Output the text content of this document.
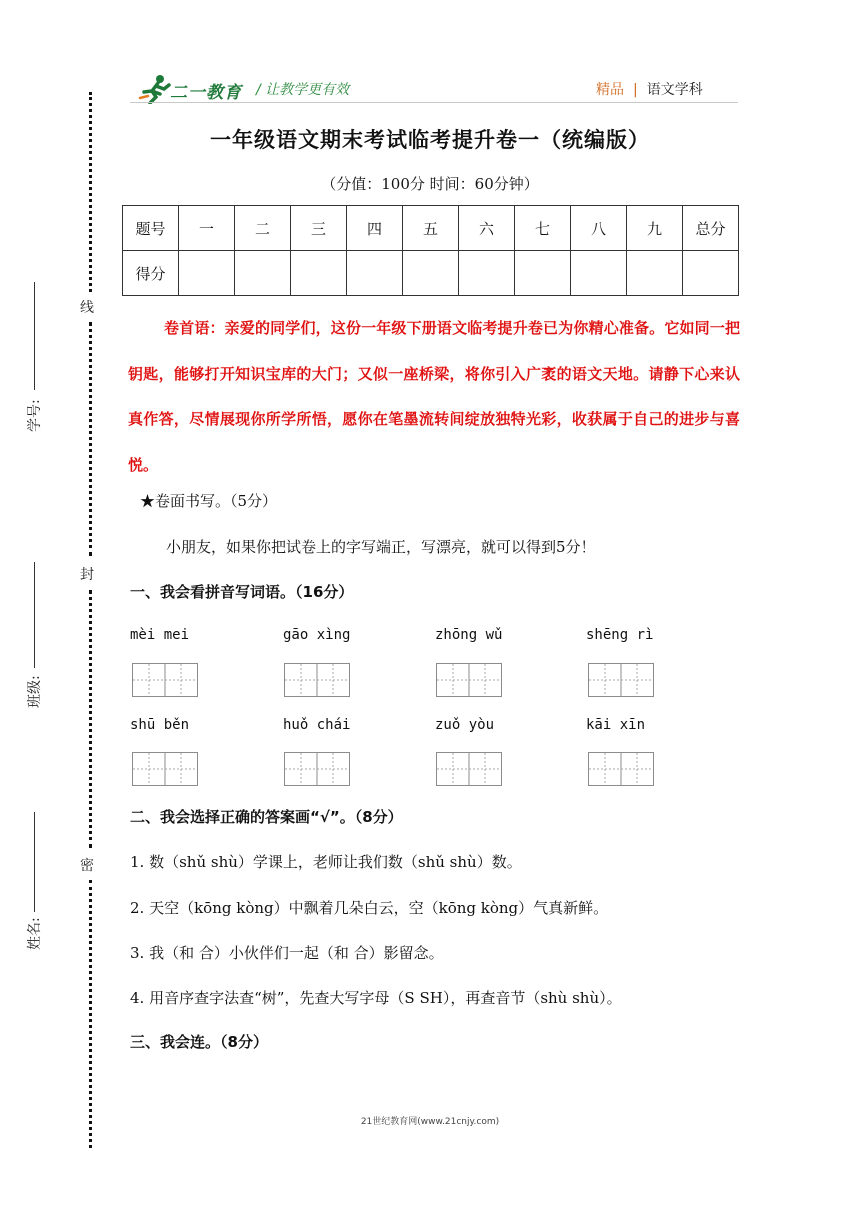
二一教育 / 让教学更有效	精品 | 语文学科
线
封
密
学号:
班级:
姓名:
一年级语文期末考试临考提升卷一（统编版）
（分值：100分 时间：60分钟）
题号	一	二	三	四	五	六	七	八	九	总分
得分										
卷首语：亲爱的同学们，这份一年级下册语文临考提升卷已为你精心准备。它如同一把钥匙，能够打开知识宝库的大门；又似一座桥梁，将你引入广袤的语文天地。请静下心来认真作答，尽情展现你所学所悟，愿你在笔墨流转间绽放独特光彩，收获属于自己的进步与喜悦。
★卷面书写。（5分）
小朋友，如果你把试卷上的字写端正，写漂亮，就可以得到5分！
一、我会看拼音写词语。（16分）
mèi mei	gāo xìng	zhōng wǔ	shēng rì
shū běn	huǒ chái	zuǒ yòu	kāi xīn
二、我会选择正确的答案画“√”。（8分）
1. 数（shǔ shù）学课上，老师让我们数（shǔ shù）数。
2. 天空（kōng kòng）中飘着几朵白云，空（kōng kòng）气真新鲜。
3. 我（和 合）小伙伴们一起（和 合）影留念。
4. 用音序查字法查“树”，先查大写字母（S SH），再查音节（shù shù）。
三、我会连。（8分）
21世纪教育网(www.21cnjy.com)
